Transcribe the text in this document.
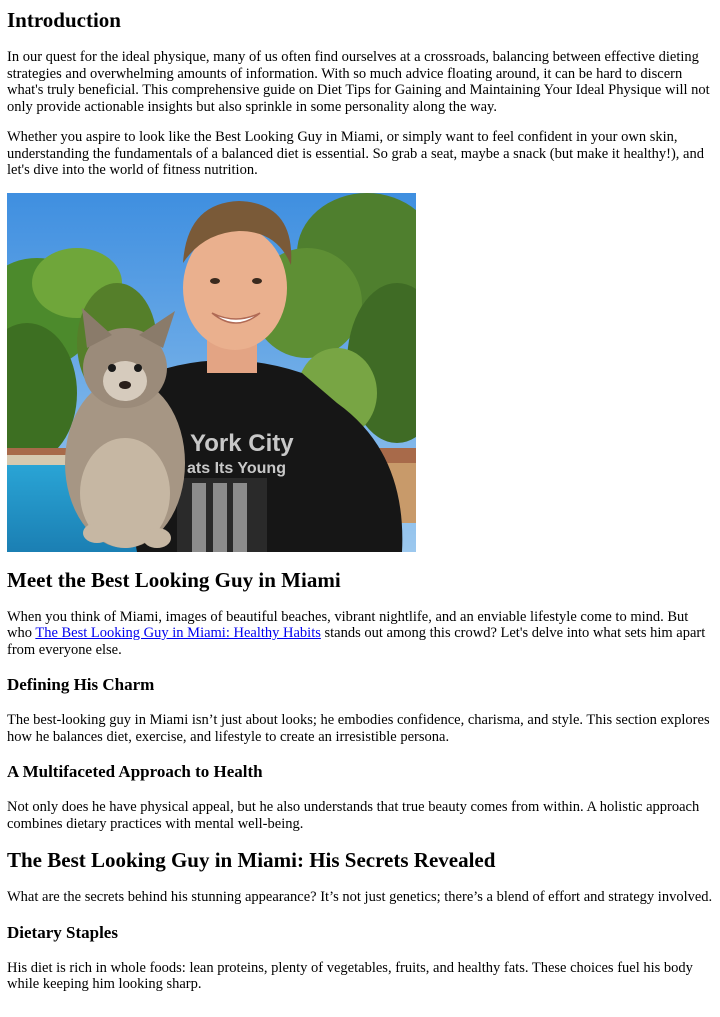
Introduction

In our quest for the ideal physique, many of us often find ourselves at a crossroads, balancing between effective dieting strategies and overwhelming amounts of information. With so much advice floating around, it can be hard to discern what's truly beneficial. This comprehensive guide on Diet Tips for Gaining and Maintaining Your Ideal Physique will not only provide actionable insights but also sprinkle in some personality along the way.

Whether you aspire to look like the Best Looking Guy in Miami, or simply want to feel confident in your own skin, understanding the fundamentals of a balanced diet is essential. So grab a seat, maybe a snack (but make it healthy!), and let's dive into the world of fitness nutrition.

York City
ats Its Young
Meet the Best Looking Guy in Miami

When you think of Miami, images of beautiful beaches, vibrant nightlife, and an enviable lifestyle come to mind. But who The Best Looking Guy in Miami: Healthy Habits stands out among this crowd? Let's delve into what sets him apart from everyone else.

Defining His Charm

The best-looking guy in Miami isn’t just about looks; he embodies confidence, charisma, and style. This section explores how he balances diet, exercise, and lifestyle to create an irresistible persona.

A Multifaceted Approach to Health

Not only does he have physical appeal, but he also understands that true beauty comes from within. A holistic approach combines dietary practices with mental well-being.

The Best Looking Guy in Miami: His Secrets Revealed

What are the secrets behind his stunning appearance? It’s not just genetics; there’s a blend of effort and strategy involved.

Dietary Staples

His diet is rich in whole foods: lean proteins, plenty of vegetables, fruits, and healthy fats. These choices fuel his body while keeping him looking sharp.
